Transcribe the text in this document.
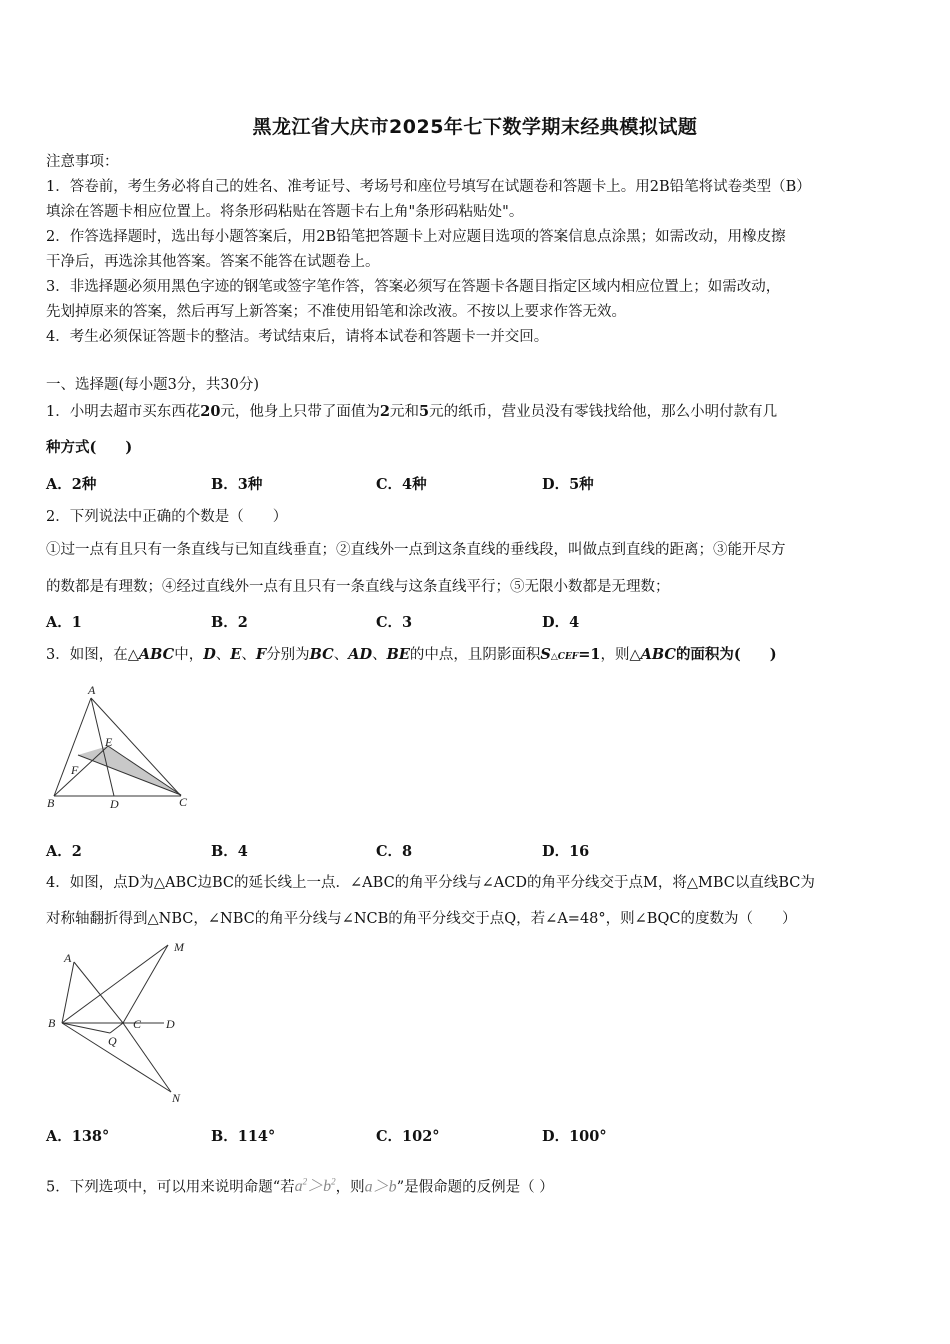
黑龙江省大庆市2025年七下数学期末经典模拟试题
注意事项：
1．答卷前，考生务必将自己的姓名、准考证号、考场号和座位号填写在试题卷和答题卡上。用2B铅笔将试卷类型（B）
填涂在答题卡相应位置上。将条形码粘贴在答题卡右上角"条形码粘贴处"。
2．作答选择题时，选出每小题答案后，用2B铅笔把答题卡上对应题目选项的答案信息点涂黑；如需改动，用橡皮擦
干净后，再选涂其他答案。答案不能答在试题卷上。
3．非选择题必须用黑色字迹的钢笔或签字笔作答，答案必须写在答题卡各题目指定区域内相应位置上；如需改动，
先划掉原来的答案，然后再写上新答案；不准使用铅笔和涂改液。不按以上要求作答无效。
4．考生必须保证答题卡的整洁。考试结束后，请将本试卷和答题卡一并交回。
一、选择题(每小题3分，共30分)
1．小明去超市买东西花20元，他身上只带了面值为2元和5元的纸币，营业员没有零钱找给他，那么小明付款有几
种方式(　　)
A．2种	B．3种	C．4种	D．5种
2．下列说法中正确的个数是（　　）
①过一点有且只有一条直线与已知直线垂直；②直线外一点到这条直线的垂线段，叫做点到直线的距离；③能开尽方
的数都是有理数；④经过直线外一点有且只有一条直线与这条直线平行；⑤无限小数都是无理数；
A．1	B．2	C．3	D．4
3．如图，在△ABC中，D、E、F分别为BC、AD、BE的中点，且阴影面积S△CEF=1，则△ABC的面积为(　　)
A
E
F
B	D	C
A．2	B．4	C．8	D．16
4．如图，点D为△ABC边BC的延长线上一点．∠ABC的角平分线与∠ACD的角平分线交于点M，将△MBC以直线BC为
对称轴翻折得到△NBC，∠NBC的角平分线与∠NCB的角平分线交于点Q，若∠A=48°，则∠BQC的度数为（　　）
A
M
B	C D
Q
N
A．138°	B．114°	C．102°	D．100°
5．下列选项中，可以用来说明命题“若$a^2>b^2$，则a＞b”是假命题的反例是（ ）
